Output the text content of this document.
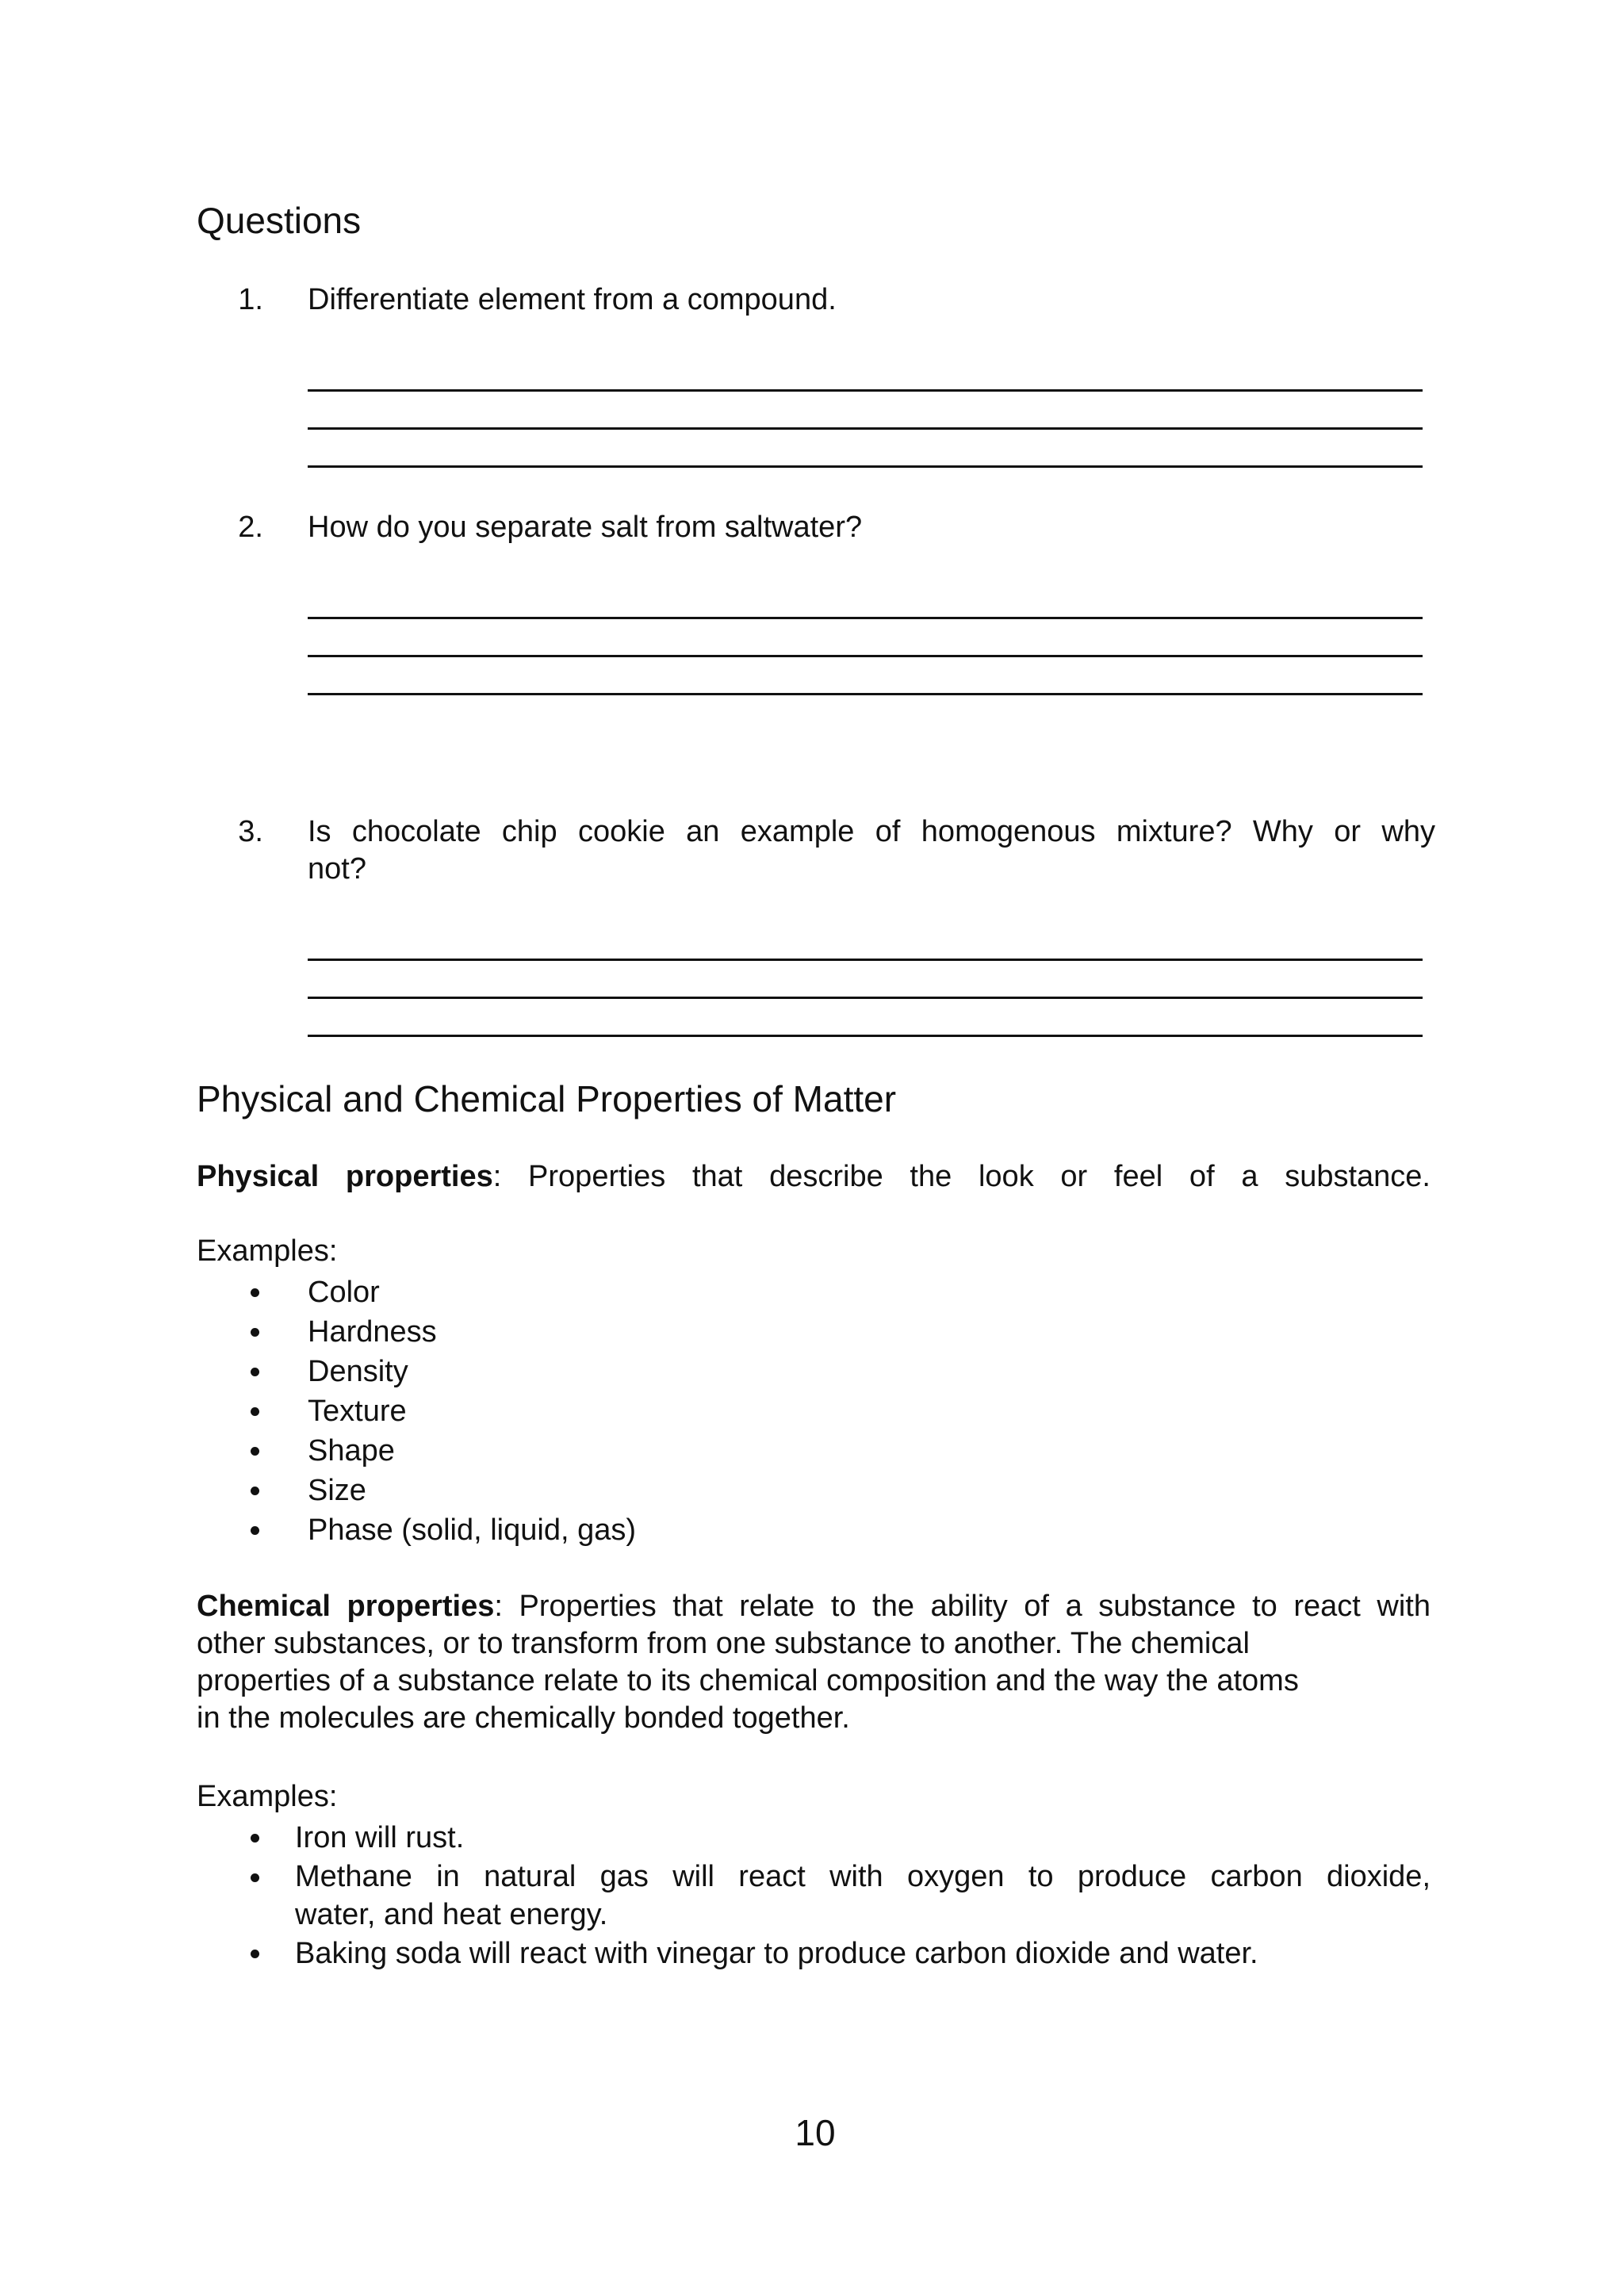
Questions
1. Differentiate element from a compound.
2. How do you separate salt from saltwater?
3. Is chocolate chip cookie an example of homogenous mixture? Why or why
not?
Physical and Chemical Properties of Matter

Physical properties: Properties that describe the look or feel of a substance.

Examples:

Color
Hardness
Density
Texture
Shape
Size
Phase (solid, liquid, gas)
Chemical properties: Properties that relate to the ability of a substance to react with
other substances, or to transform from one substance to another. The chemical
properties of a substance relate to its chemical composition and the way the atoms
in the molecules are chemically bonded together.

Examples:

Iron will rust.
Methane in natural gas will react with oxygen to produce carbon dioxide,
water, and heat energy.
Baking soda will react with vinegar to produce carbon dioxide and water.
10
